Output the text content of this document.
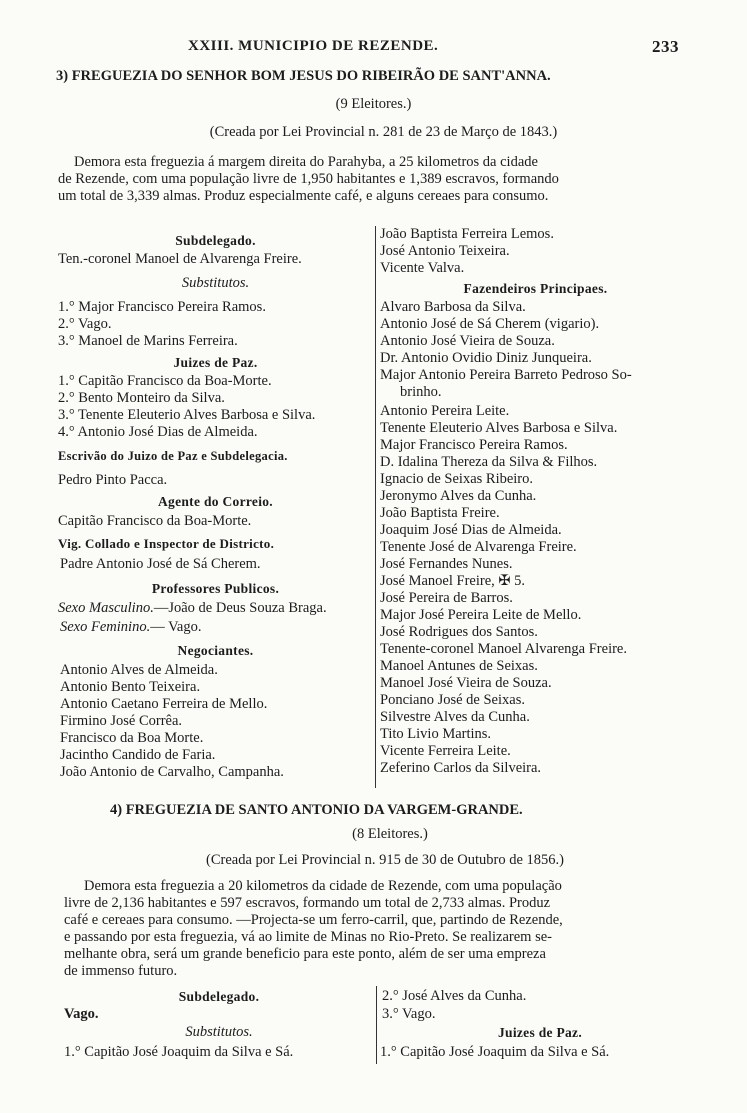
XXIII. MUNICIPIO DE REZENDE.	233
3) FREGUEZIA DO SENHOR BOM JESUS DO RIBEIRÃO DE SANT'ANNA.
(9 Eleitores.)
(Creada por Lei Provincial n. 281 de 23 de Março de 1843.)
Demora esta freguezia á margem direita do Parahyba, a 25 kilometros da cidade
de Rezende, com uma população livre de 1,950 habitantes e 1,389 escravos, formando
um total de 3,339 almas. Produz especialmente café, e alguns cereaes para consumo.
Subdelegado.
Ten.-coronel Manoel de Alvarenga Freire.
Substitutos.
1.° Major Francisco Pereira Ramos.
2.° Vago.
3.° Manoel de Marins Ferreira.
Juizes de Paz.
1.° Capitão Francisco da Boa-Morte.
2.° Bento Monteiro da Silva.
3.° Tenente Eleuterio Alves Barbosa e Silva.
4.° Antonio José Dias de Almeida.
Escrivão do Juizo de Paz e Subdelegacia.
Pedro Pinto Pacca.
Agente do Correio.
Capitão Francisco da Boa-Morte.
Vig. Collado e Inspector de Districto.
Padre Antonio José de Sá Cherem.
Professores Publicos.
Sexo Masculino.—João de Deus Souza Braga.
Sexo Feminino.— Vago.
Negociantes.
Antonio Alves de Almeida.
Antonio Bento Teixeira.
Antonio Caetano Ferreira de Mello.
Firmino José Corrêa.
Francisco da Boa Morte.
Jacintho Candido de Faria.
João Antonio de Carvalho, Campanha.
João Baptista Ferreira Lemos.
José Antonio Teixeira.
Vicente Valva.
Fazendeiros Principaes.
Alvaro Barbosa da Silva.
Antonio José de Sá Cherem (vigario).
Antonio José Vieira de Souza.
Dr. Antonio Ovidio Diniz Junqueira.
Major Antonio Pereira Barreto Pedroso So-
brinho.
Antonio Pereira Leite.
Tenente Eleuterio Alves Barbosa e Silva.
Major Francisco Pereira Ramos.
D. Idalina Thereza da Silva & Filhos.
Ignacio de Seixas Ribeiro.
Jeronymo Alves da Cunha.
João Baptista Freire.
Joaquim José Dias de Almeida.
Tenente José de Alvarenga Freire.
José Fernandes Nunes.
José Manoel Freire, ✠ 5.
José Pereira de Barros.
Major José Pereira Leite de Mello.
José Rodrigues dos Santos.
Tenente-coronel Manoel Alvarenga Freire.
Manoel Antunes de Seixas.
Manoel José Vieira de Souza.
Ponciano José de Seixas.
Silvestre Alves da Cunha.
Tito Livio Martins.
Vicente Ferreira Leite.
Zeferino Carlos da Silveira.
4) FREGUEZIA DE SANTO ANTONIO DA VARGEM-GRANDE.
(8 Eleitores.)
(Creada por Lei Provincial n. 915 de 30 de Outubro de 1856.)
Demora esta freguezia a 20 kilometros da cidade de Rezende, com uma população
livre de 2,136 habitantes e 597 escravos, formando um total de 2,733 almas. Produz
café e cereaes para consumo. —Projecta-se um ferro-carril, que, partindo de Rezende,
e passando por esta freguezia, vá ao limite de Minas no Rio-Preto. Se realizarem se-
melhante obra, será um grande beneficio para este ponto, além de ser uma empreza
de immenso futuro.
Subdelegado.
Vago.
Substitutos.
1.° Capitão José Joaquim da Silva e Sá.
2.° José Alves da Cunha.
3.° Vago.
Juizes de Paz.
1.° Capitão José Joaquim da Silva e Sá.
